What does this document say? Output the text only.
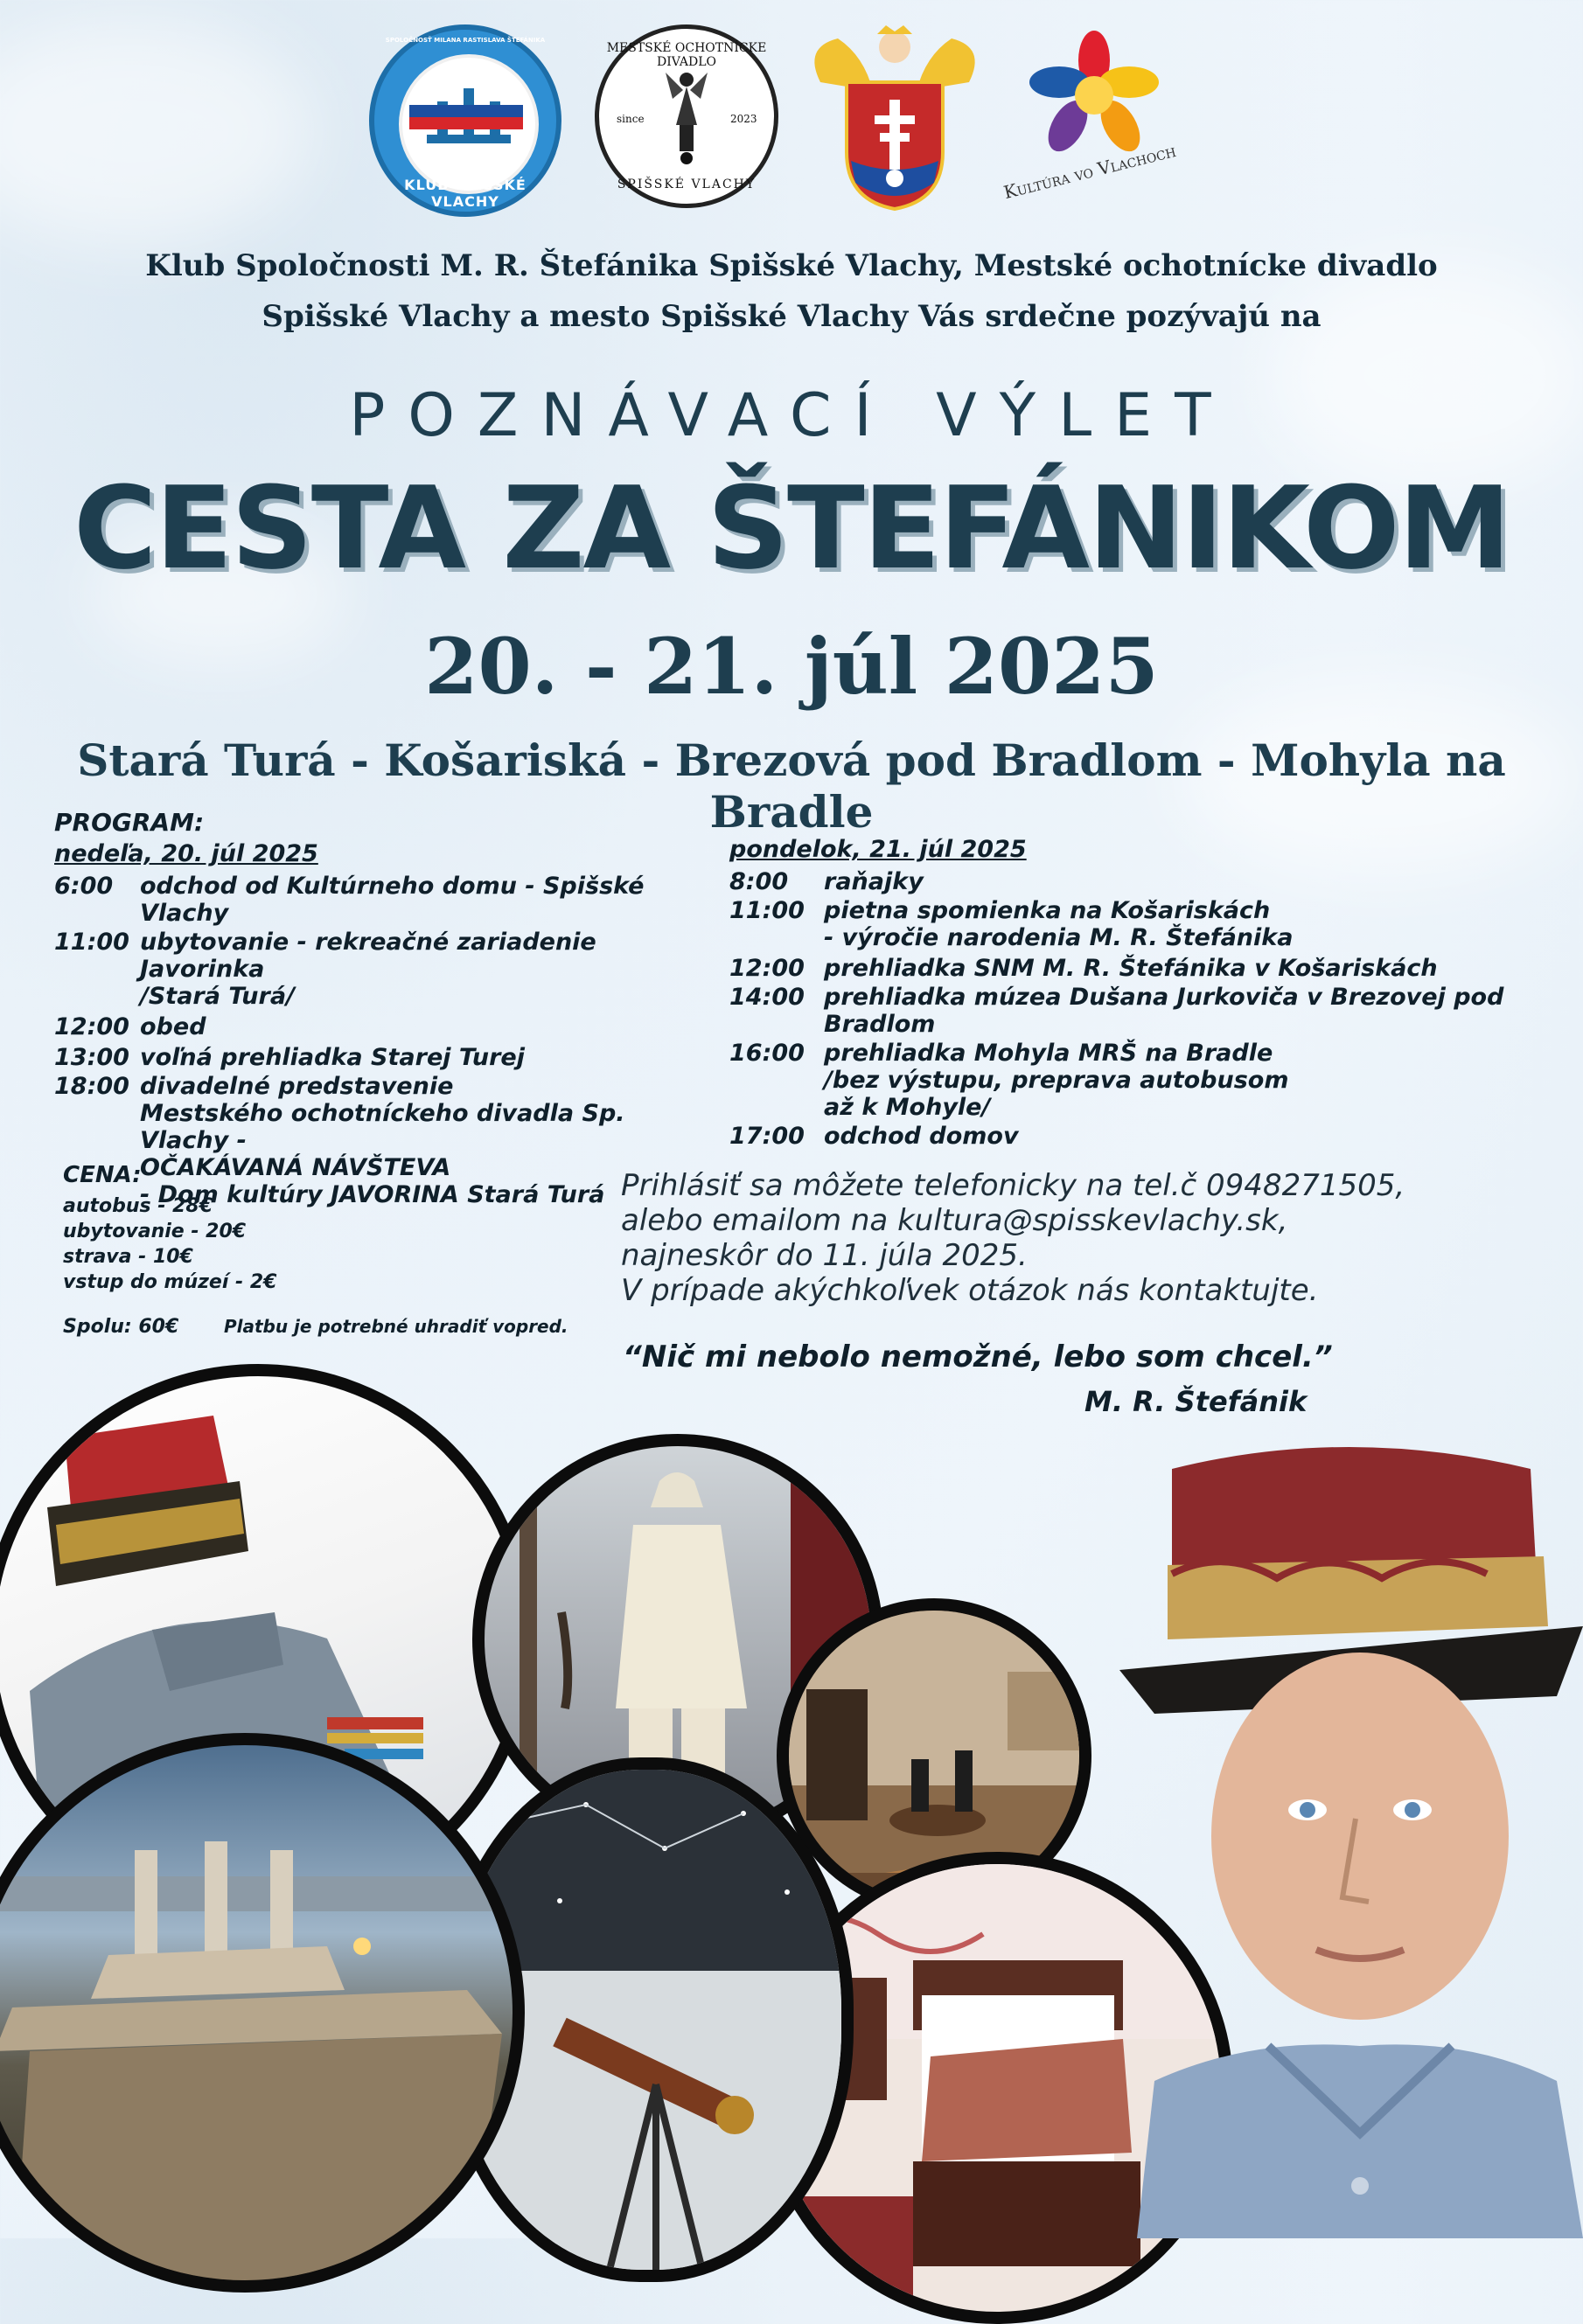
KLUB SPIŠSKÉ VLACHY
SPOLOČNOSŤ MILANA RASTISLAVA ŠTEFÁNIKA
MESTSKÉ OCHOTNÍCKE DIVADLO
since	2023
SPIŠSKÉ VLACHY	Kultúra vo Vlachoch
Klub Spoločnosti M. R. Štefánika Spišské Vlachy, Mestské ochotnícke divadlo
Spišské Vlachy a mesto Spišské Vlachy Vás srdečne pozývajú na
POZNÁVACÍ VÝLET
CESTA ZA ŠTEFÁNIKOM
20. - 21. júl 2025
Stará Turá - Košariská - Brezová pod Bradlom - Mohyla na Bradle
PROGRAM:
nedeľa, 20. júl 2025
6:00	odchod od Kultúrneho domu - Spišské Vlachy
11:00 ubytovanie - rekreačné zariadenie Javorinka
/Stará Turá/
12:00 obed
13:00 voľná prehliadka Starej Turej
18:00 divadelné predstavenie
Mestského ochotníckeho divadla Sp. Vlachy -
OČAKÁVANÁ NÁVŠTEVA
- Dom kultúry JAVORINA Stará Turá
pondelok, 21. júl 2025
8:00	raňajky
11:00 pietna spomienka na Košariskách
- výročie narodenia M. R. Štefánika
12:00 prehliadka SNM M. R. Štefánika v Košariskách
14:00 prehliadka múzea Dušana Jurkoviča v Brezovej pod Bradlom
16:00 prehliadka Mohyla MRŠ na Bradle
/bez výstupu, preprava autobusom
až k Mohyle/
17:00 odchod domov
CENA:
autobus - 28€
ubytovanie - 20€
strava - 10€
vstup do múzeí - 2€
Spolu: 60€	Platbu je potrebné uhradiť vopred.
Prihlásiť sa môžete telefonicky na tel.č 0948271505,
alebo emailom na kultura@spisskevlachy.sk,
najneskôr do 11. júla 2025.
V prípade akýchkoľvek otázok nás kontaktujte.
“Nič mi nebolo nemožné, lebo som chcel.”
M. R. Štefánik
